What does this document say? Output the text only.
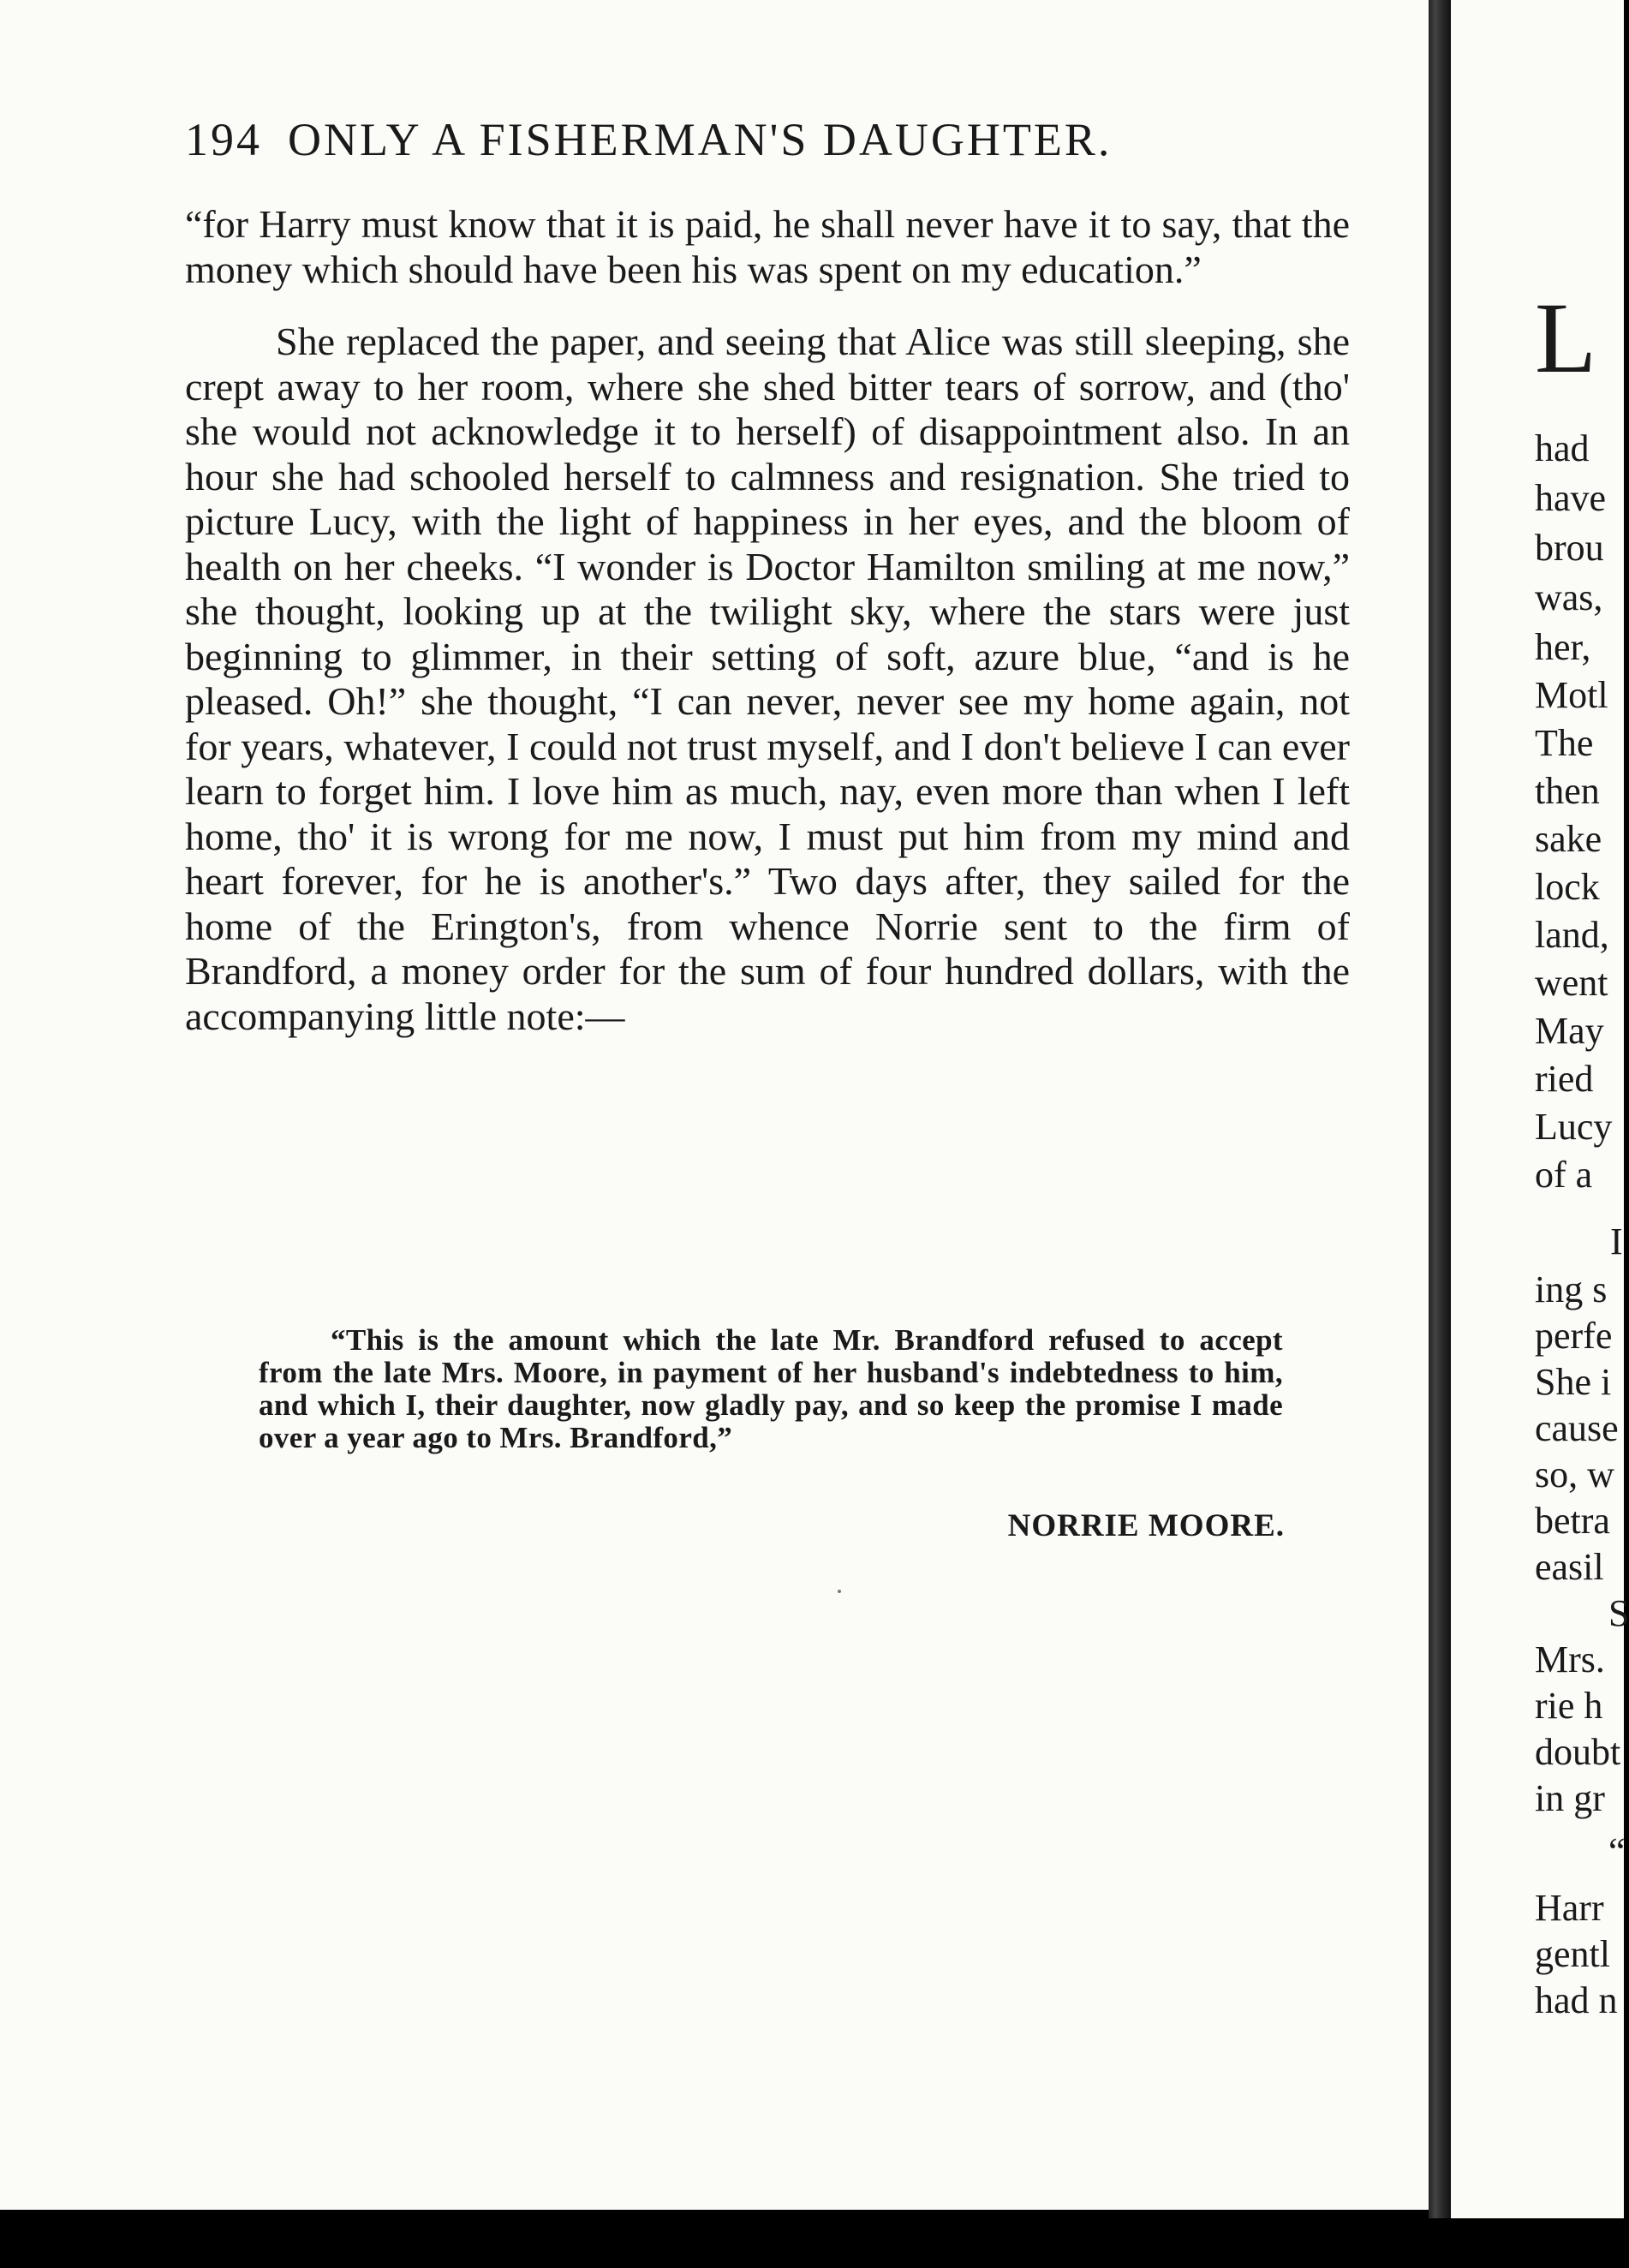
194 ONLY A FISHERMAN'S DAUGHTER.

“for Harry must know that it is paid, he shall never have it to say, that the money which should have been his was spent on my education.”

She replaced the paper, and seeing that Alice was still sleeping, she crept away to her room, where she shed bitter tears of sorrow, and (tho' she would not acknowledge it to herself) of disappointment also. In an hour she had schooled herself to calmness and resignation. She tried to picture Lucy, with the light of happiness in her eyes, and the bloom of health on her cheeks. “I wonder is Doctor Hamilton smiling at me now,” she thought, looking up at the twilight sky, where the stars were just beginning to glimmer, in their setting of soft, azure blue, “and is he pleased. Oh!” she thought, “I can never, never see my home again, not for years, whatever, I could not trust myself, and I don't believe I can ever learn to forget him. I love him as much, nay, even more than when I left home, tho' it is wrong for me now, I must put him from my mind and heart forever, for he is another's.” Two days after, they sailed for the home of the Erington's, from whence Norrie sent to the firm of Brandford, a money order for the sum of four hundred dollars, with the accompanying little note:—

“This is the amount which the late Mr. Brandford refused to accept from the late Mrs. Moore, in payment of her husband's indebtedness to him, and which I, their daughter, now gladly pay, and so keep the promise I made over a year ago to Mrs. Brandford,”

NORRIE MOORE.
L
had
have
brou
was,
her,
Motl
The
then
sake
lock
land,
went
May
ried
Lucy
of a
I
ing s
perfe
She i
cause
so, w
betra
easil
S
Mrs.
rie h
doubt
in gr
“
Harr
gentl
had n
